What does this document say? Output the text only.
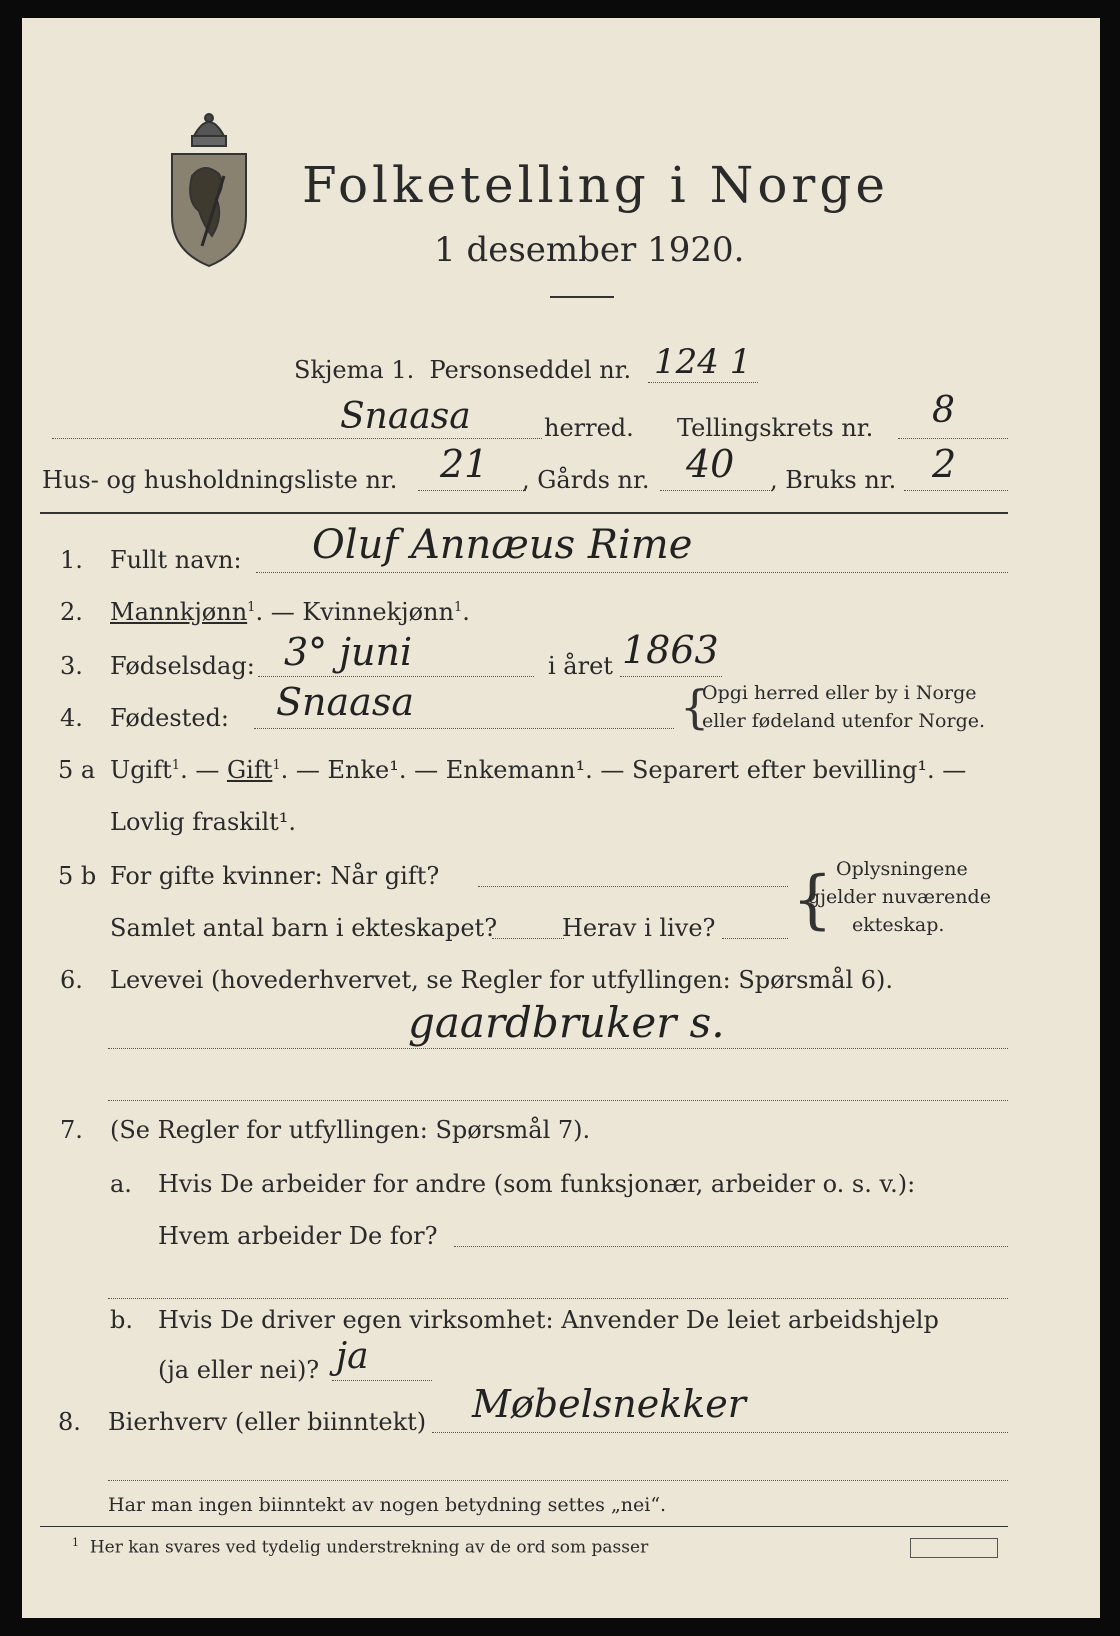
Folketelling i Norge
1 desember 1920.
Skjema 1. Personseddel nr. 124 1
Snaasa	herred. Tellingskrets nr. 8
Hus- og husholdningsliste nr. 21 , Gårds nr. 40 , Bruks nr. 2
1. Fullt navn: Oluf Annæus Rime
2. Mannkjønn$^1$. — Kvinnekjønn$^1$.
3. Fødselsdag: 3° juni	i året 1863
4. Fødested: Snaasa	{
Opgi herred eller by i Norge
eller fødeland utenfor Norge.
5 a Ugift$^1$. — Gift$^1$. — Enke¹. — Enkemann¹. — Separert efter bevilling¹. —
Lovlig fraskilt¹.
5 b For gifte kvinner: Når gift?
Samlet antal barn i ekteskapet?	Herav i live? { Oplysningene
gjelder nuværende
ekteskap.
6. Levevei (hovederhvervet, se Regler for utfyllingen: Spørsmål 6).
gaardbruker s.
7. (Se Regler for utfyllingen: Spørsmål 7).
a. Hvis De arbeider for andre (som funksjonær, arbeider o. s. v.):
Hvem arbeider De for?
b. Hvis De driver egen virksomhet: Anvender De leiet arbeidshjelp
(ja eller nei)? ja
8. Bierhverv (eller biinntekt) Møbelsnekker
Har man ingen biinntekt av nogen betydning settes „nei“.
$^1$ Her kan svares ved tydelig understrekning av de ord som passer
